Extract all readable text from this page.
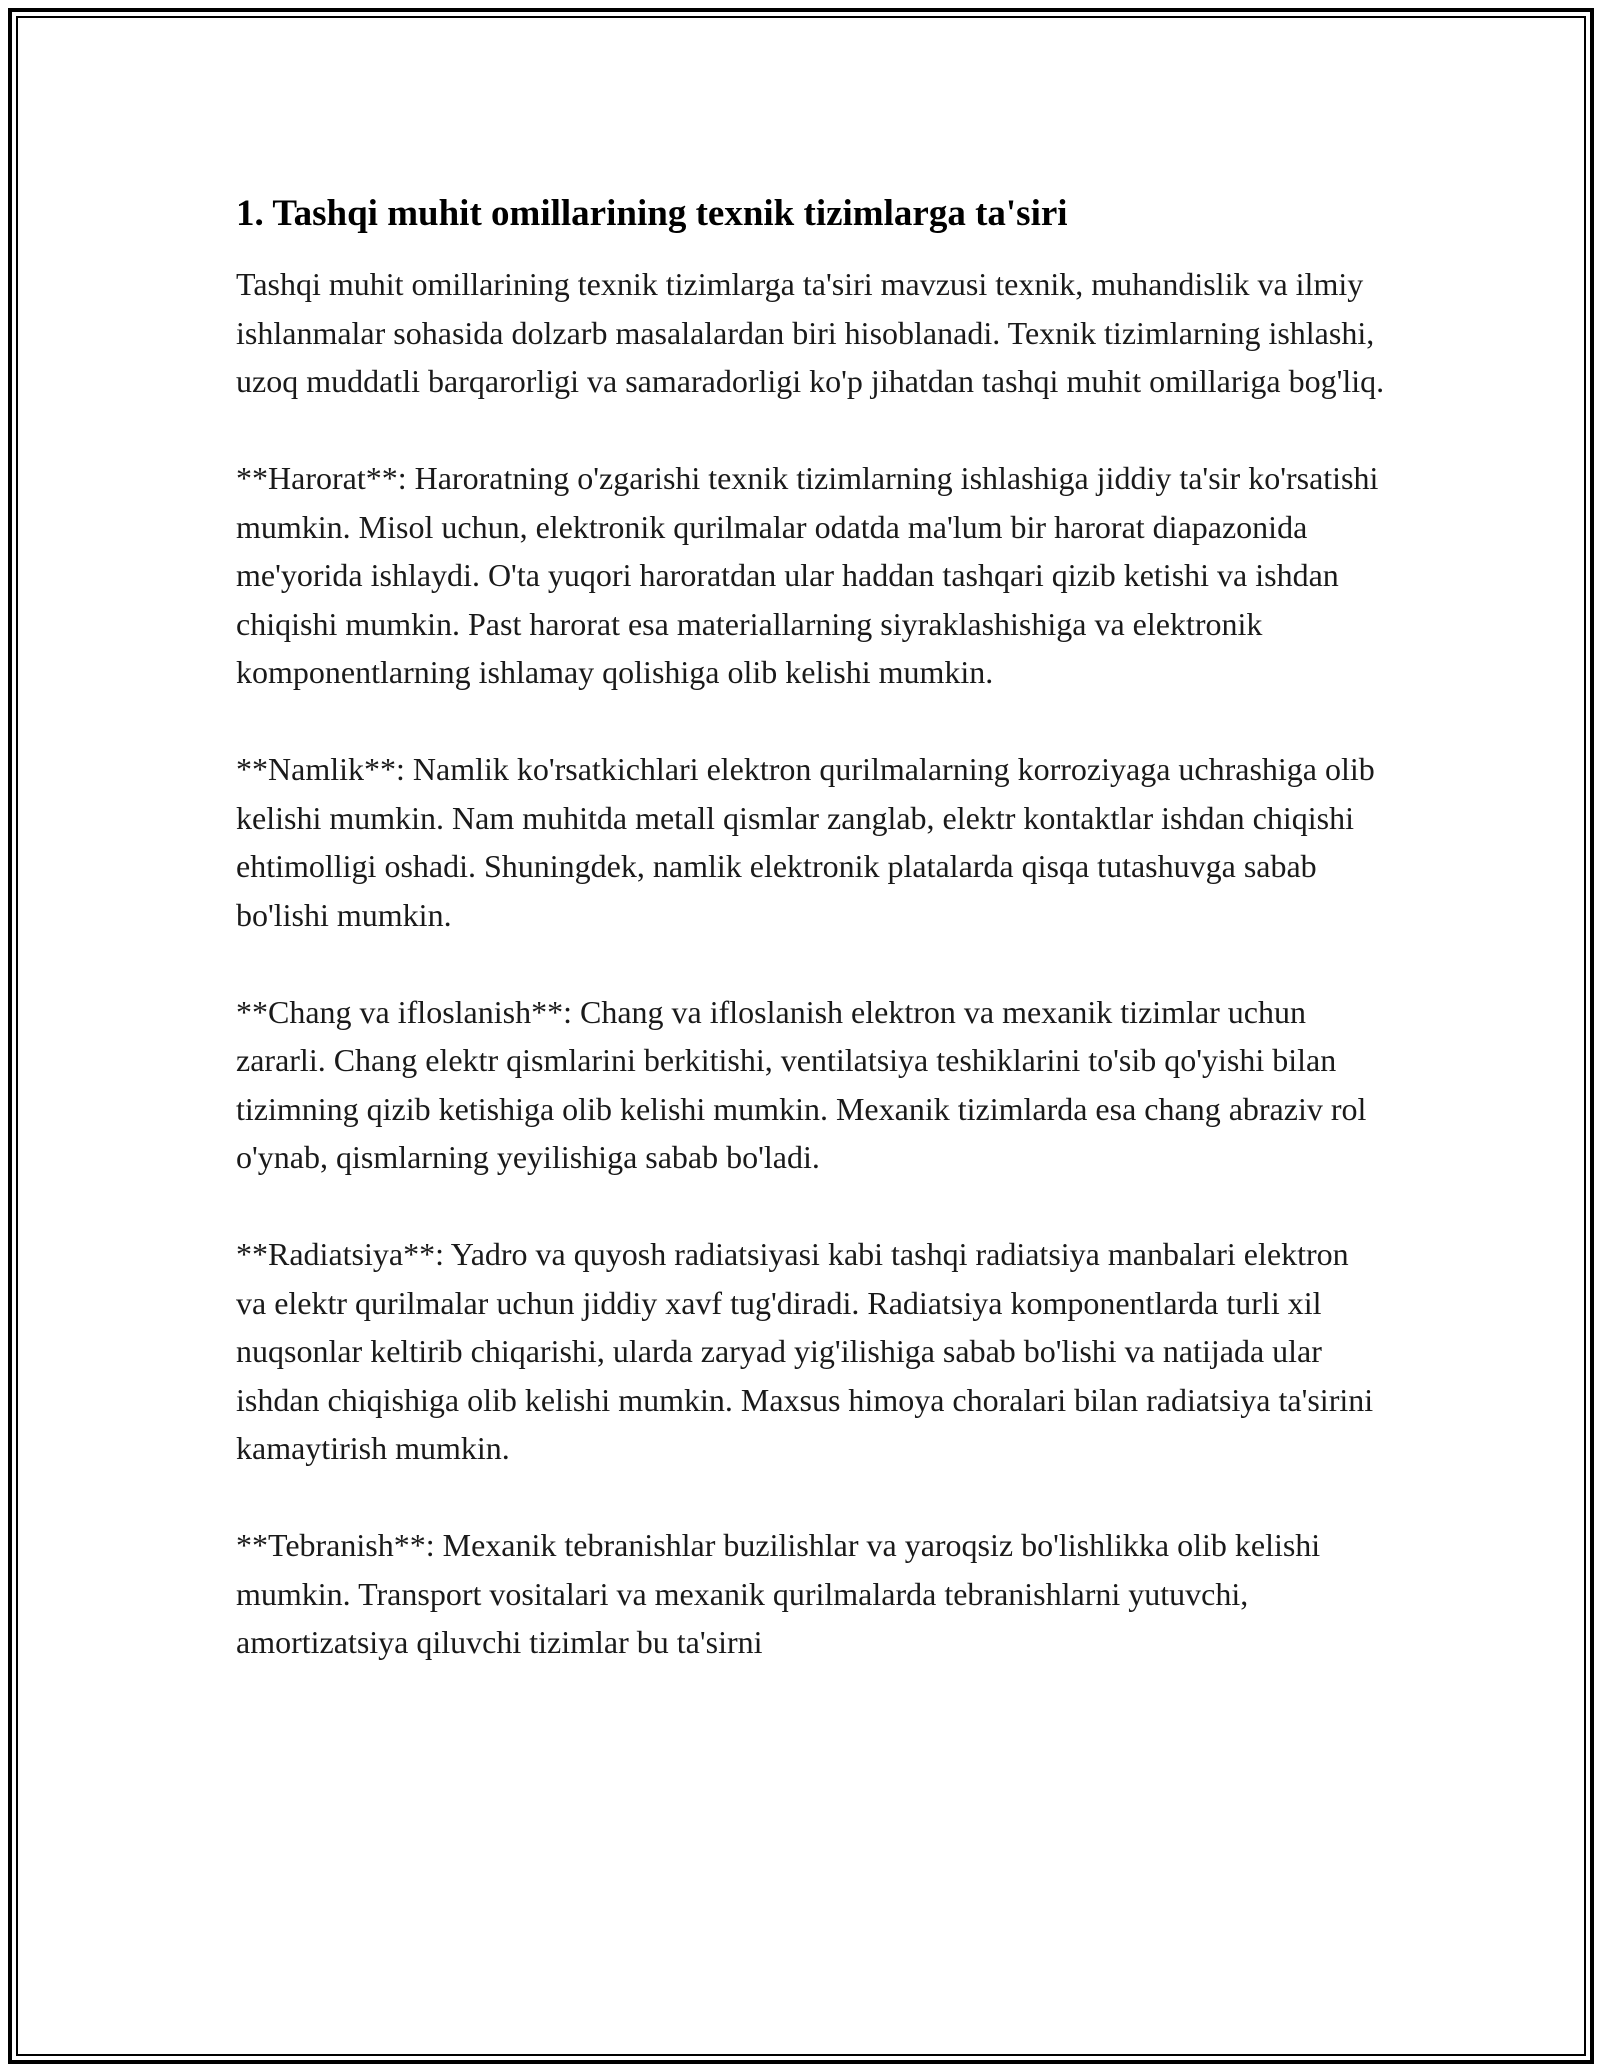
1. Tashqi muhit omillarining texnik tizimlarga ta'siri

Tashqi muhit omillarining texnik tizimlarga ta'siri mavzusi texnik, muhandislik va ilmiy ishlanmalar sohasida dolzarb masalalardan biri hisoblanadi. Texnik tizimlarning ishlashi, uzoq muddatli barqarorligi va samaradorligi ko'p jihatdan tashqi muhit omillariga bog'liq.

**Harorat**: Haroratning o'zgarishi texnik tizimlarning ishlashiga jiddiy ta'sir ko'rsatishi mumkin. Misol uchun, elektronik qurilmalar odatda ma'lum bir harorat diapazonida me'yorida ishlaydi. O'ta yuqori haroratdan ular haddan tashqari qizib ketishi va ishdan chiqishi mumkin. Past harorat esa materiallarning siyraklashishiga va elektronik komponentlarning ishlamay qolishiga olib kelishi mumkin.

**Namlik**: Namlik ko'rsatkichlari elektron qurilmalarning korroziyaga uchrashiga olib kelishi mumkin. Nam muhitda metall qismlar zanglab, elektr kontaktlar ishdan chiqishi ehtimolligi oshadi. Shuningdek, namlik elektronik platalarda qisqa tutashuvga sabab bo'lishi mumkin.

**Chang va ifloslanish**: Chang va ifloslanish elektron va mexanik tizimlar uchun zararli. Chang elektr qismlarini berkitishi, ventilatsiya teshiklarini to'sib qo'yishi bilan tizimning qizib ketishiga olib kelishi mumkin. Mexanik tizimlarda esa chang abraziv rol o'ynab, qismlarning yeyilishiga sabab bo'ladi.

**Radiatsiya**: Yadro va quyosh radiatsiyasi kabi tashqi radiatsiya manbalari elektron va elektr qurilmalar uchun jiddiy xavf tug'diradi. Radiatsiya komponentlarda turli xil nuqsonlar keltirib chiqarishi, ularda zaryad yig'ilishiga sabab bo'lishi va natijada ular ishdan chiqishiga olib kelishi mumkin. Maxsus himoya choralari bilan radiatsiya ta'sirini kamaytirish mumkin.

**Tebranish**: Mexanik tebranishlar buzilishlar va yaroqsiz bo'lishlikka olib kelishi mumkin. Transport vositalari va mexanik qurilmalarda tebranishlarni yutuvchi, amortizatsiya qiluvchi tizimlar bu ta'sirni
